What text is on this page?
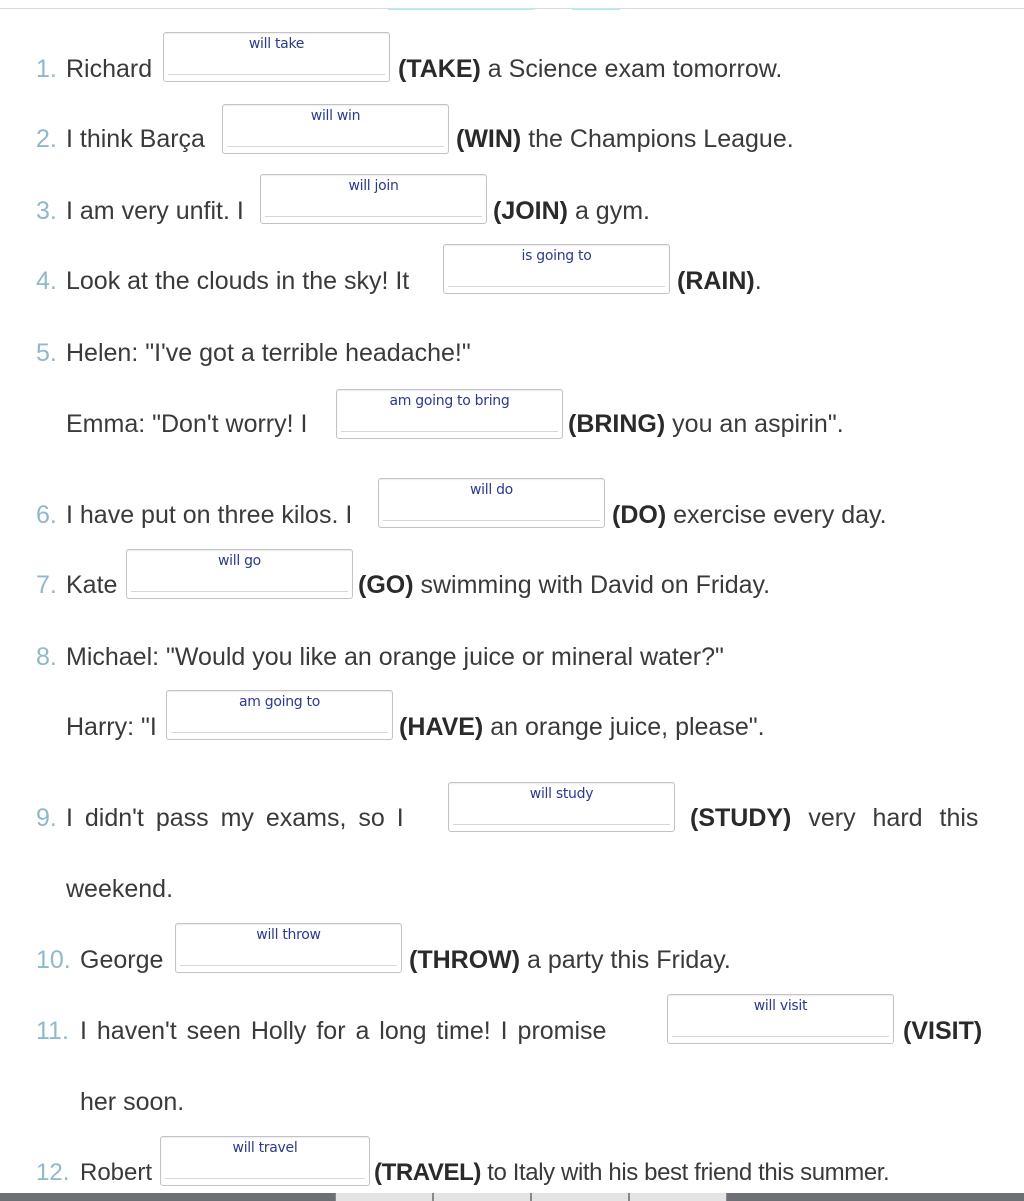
1. Richard	(TAKE) a Science exam tomorrow.
will take
2. I think Barça	(WIN) the Champions League.
will win
3. I am very unfit. I	(JOIN) a gym.
will join
4. Look at the clouds in the sky! It	(RAIN).
is going to
5. Helen: "I've got a terrible headache!"
Emma: "Don't worry! I	(BRING) you an aspirin".
am going to bring
6. I have put on three kilos. I	(DO) exercise every day.
will do
7. Kate	(GO) swimming with David on Friday.
will go
8. Michael: "Would you like an orange juice or mineral water?"
Harry: "I	(HAVE) an orange juice, please".
am going to
9. I didn't pass my exams, so I	(STUDY) very hard this
will study
weekend.
10. George	(THROW) a party this Friday.
will throw
11. I haven't seen Holly for a long time! I promise	(VISIT)
will visit
her soon.
12. Robert	(TRAVEL) to Italy with his best friend this summer.
will travel
